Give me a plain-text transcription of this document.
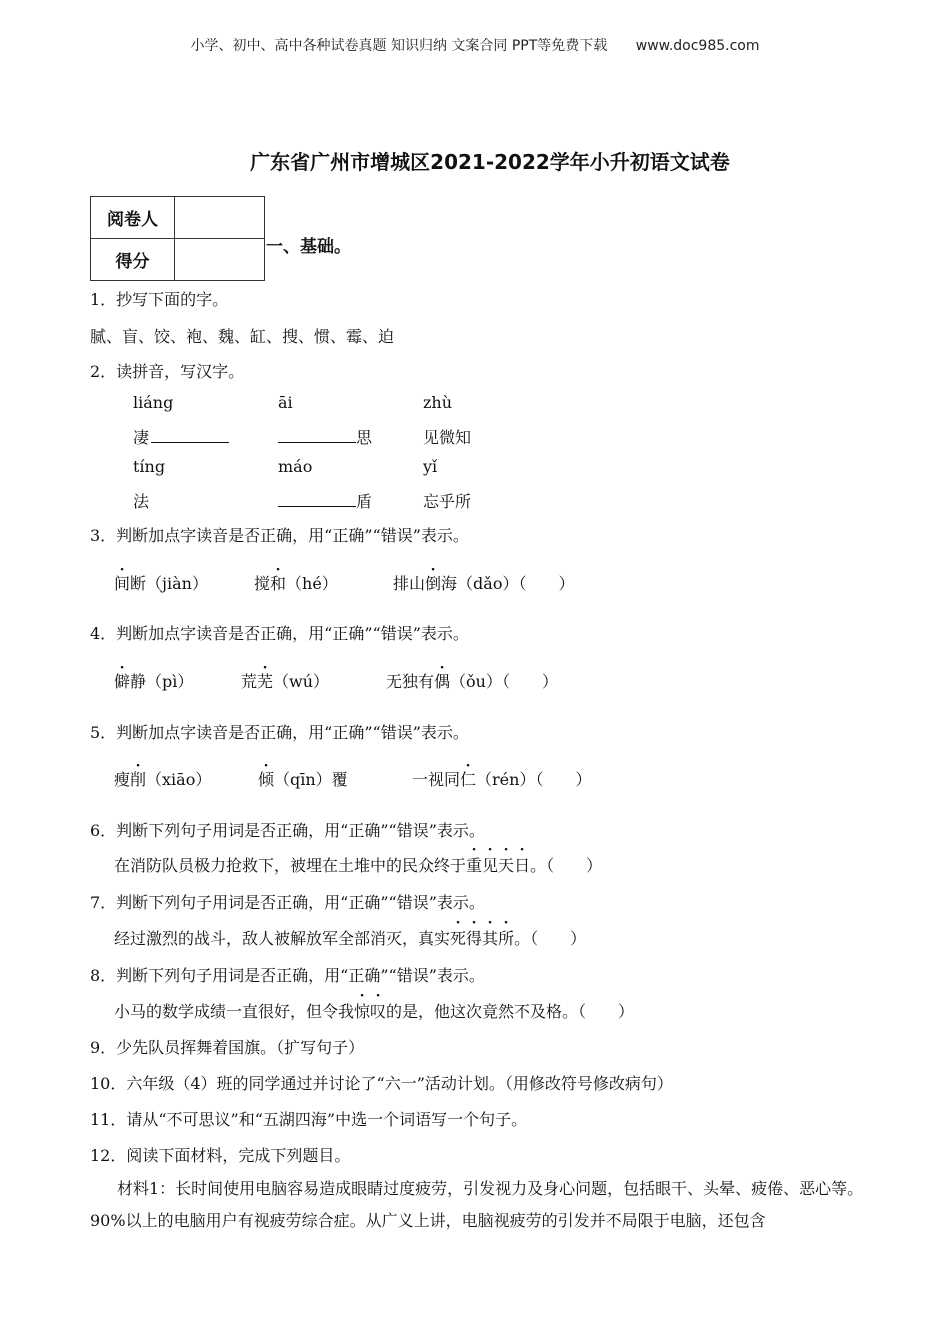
小学、初中、高中各种试卷真题 知识归纳 文案合同 PPT等免费下载 www.doc985.com
广东省广州市增城区2021-2022学年小升初语文试卷
阅卷人	
得分	
一、基础。
1．抄写下面的字。
腻、盲、饺、袍、魏、缸、搜、惯、霉、迫
2．读拼音，写汉字。
liáng	āi	zhù
凄	思	见微知
tíng	máo	yǐ
法	盾	忘乎所
3．判断加点字读音是否正确，用“正确”“错误”表示。
间断（jiàn）	搅和（hé）	排山倒海（dǎo）（　　）
4．判断加点字读音是否正确，用“正确”“错误”表示。
僻静（pì）	荒芜（wú）	无独有偶（ǒu）（　　）
5．判断加点字读音是否正确，用“正确”“错误”表示。
瘦削（xiāo）	倾（qīn）覆	一视同仁（rén）（　　）
6．判断下列句子用词是否正确，用“正确”“错误”表示。
在消防队员极力抢救下，被埋在土堆中的民众终于重见天日。（　　）
7．判断下列句子用词是否正确，用“正确”“错误”表示。
经过激烈的战斗，敌人被解放军全部消灭，真实死得其所。（　　）
8．判断下列句子用词是否正确，用“正确”“错误”表示。
小马的数学成绩一直很好，但令我惊叹的是，他这次竟然不及格。（　　）
9．少先队员挥舞着国旗。（扩写句子）
10．六年级（4）班的同学通过并讨论了“六一”活动计划。（用修改符号修改病句）
11．请从“不可思议”和“五湖四海”中选一个词语写一个句子。
12．阅读下面材料，完成下列题目。
材料1：长时间使用电脑容易造成眼睛过度疲劳，引发视力及身心问题，包括眼干、头晕、疲倦、恶心等。90%以上的电脑用户有视疲劳综合症。从广义上讲，电脑视疲劳的引发并不局限于电脑，还包含
